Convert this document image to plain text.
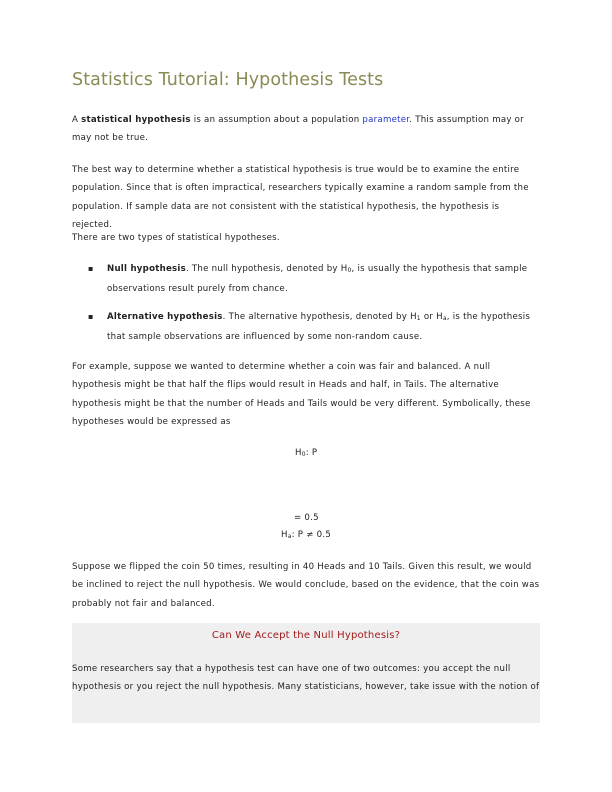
Statistics Tutorial: Hypothesis Tests

A statistical hypothesis is an assumption about a population parameter. This assumption may or may not be true.

The best way to determine whether a statistical hypothesis is true would be to examine the entire population. Since that is often impractical, researchers typically examine a random sample from the population. If sample data are not consistent with the statistical hypothesis, the hypothesis is rejected.

There are two types of statistical hypotheses.

▪ Null hypothesis. The null hypothesis, denoted by $H_0$, is usually the hypothesis that sample observations result purely from chance.

▪ Alternative hypothesis. The alternative hypothesis, denoted by $H_1$ or $H_a$, is the hypothesis that sample observations are influenced by some non-random cause.

For example, suppose we wanted to determine whether a coin was fair and balanced. A null hypothesis might be that half the flips would result in Heads and half, in Tails. The alternative hypothesis might be that the number of Heads and Tails would be very different. Symbolically, these hypotheses would be expressed as

$H_0$: P
= 0.5
$H_a$: P ≠ 0.5

Suppose we flipped the coin 50 times, resulting in 40 Heads and 10 Tails. Given this result, we would be inclined to reject the null hypothesis. We would conclude, based on the evidence, that the coin was probably not fair and balanced.

Can We Accept the Null Hypothesis?

Some researchers say that a hypothesis test can have one of two outcomes: you accept the null hypothesis or you reject the null hypothesis. Many statisticians, however, take issue with the notion of
